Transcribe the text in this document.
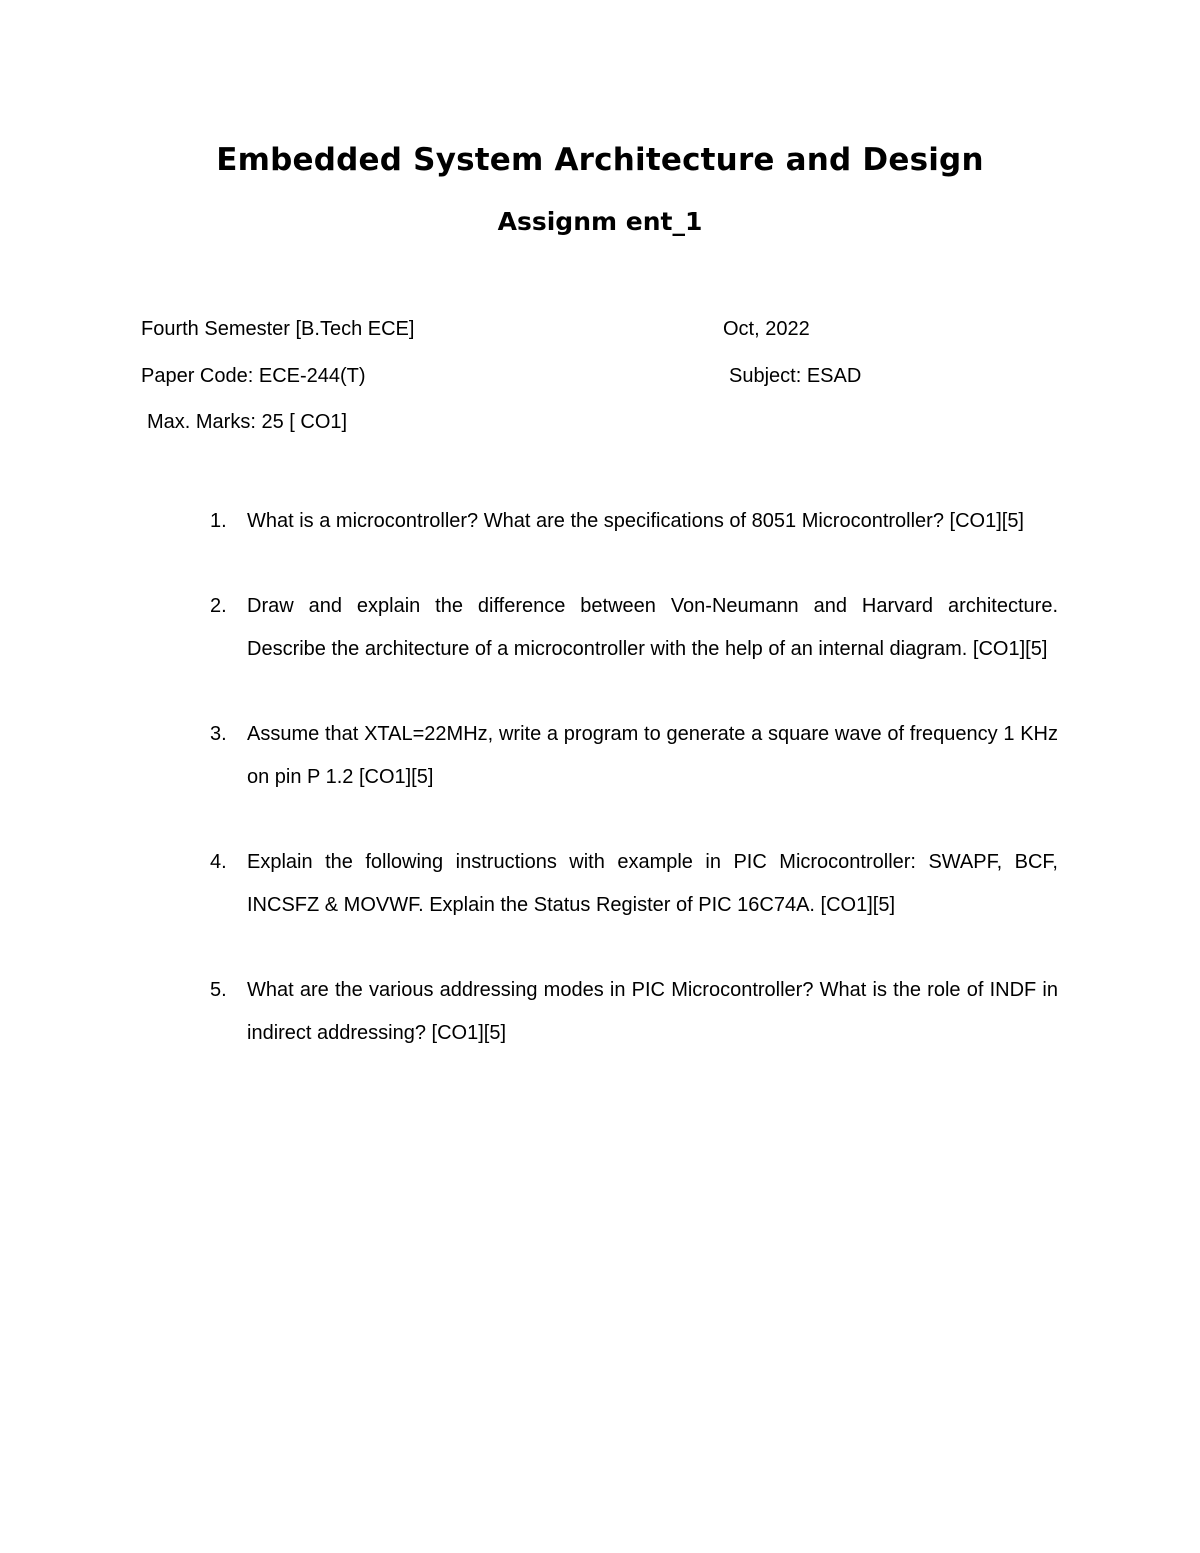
Embedded System Architecture and Design
Assignm ent_1
Fourth Semester [B.Tech ECE]	Oct, 2022
Paper Code: ECE-244(T)	Subject: ESAD
Max. Marks: 25 [ CO1]
1. What is a microcontroller? What are the specifications of 8051 Microcontroller? [CO1][5]
2. Draw and explain the difference between Von-Neumann and Harvard architecture. Describe the architecture of a microcontroller with the help of an internal diagram. [CO1][5]
3. Assume that XTAL=22MHz, write a program to generate a square wave of frequency 1 KHz on pin P 1.2 [CO1][5]
4. Explain the following instructions with example in PIC Microcontroller: SWAPF, BCF, INCSFZ & MOVWF. Explain the Status Register of PIC 16C74A. [CO1][5]
5. What are the various addressing modes in PIC Microcontroller? What is the role of INDF in indirect addressing? [CO1][5]
